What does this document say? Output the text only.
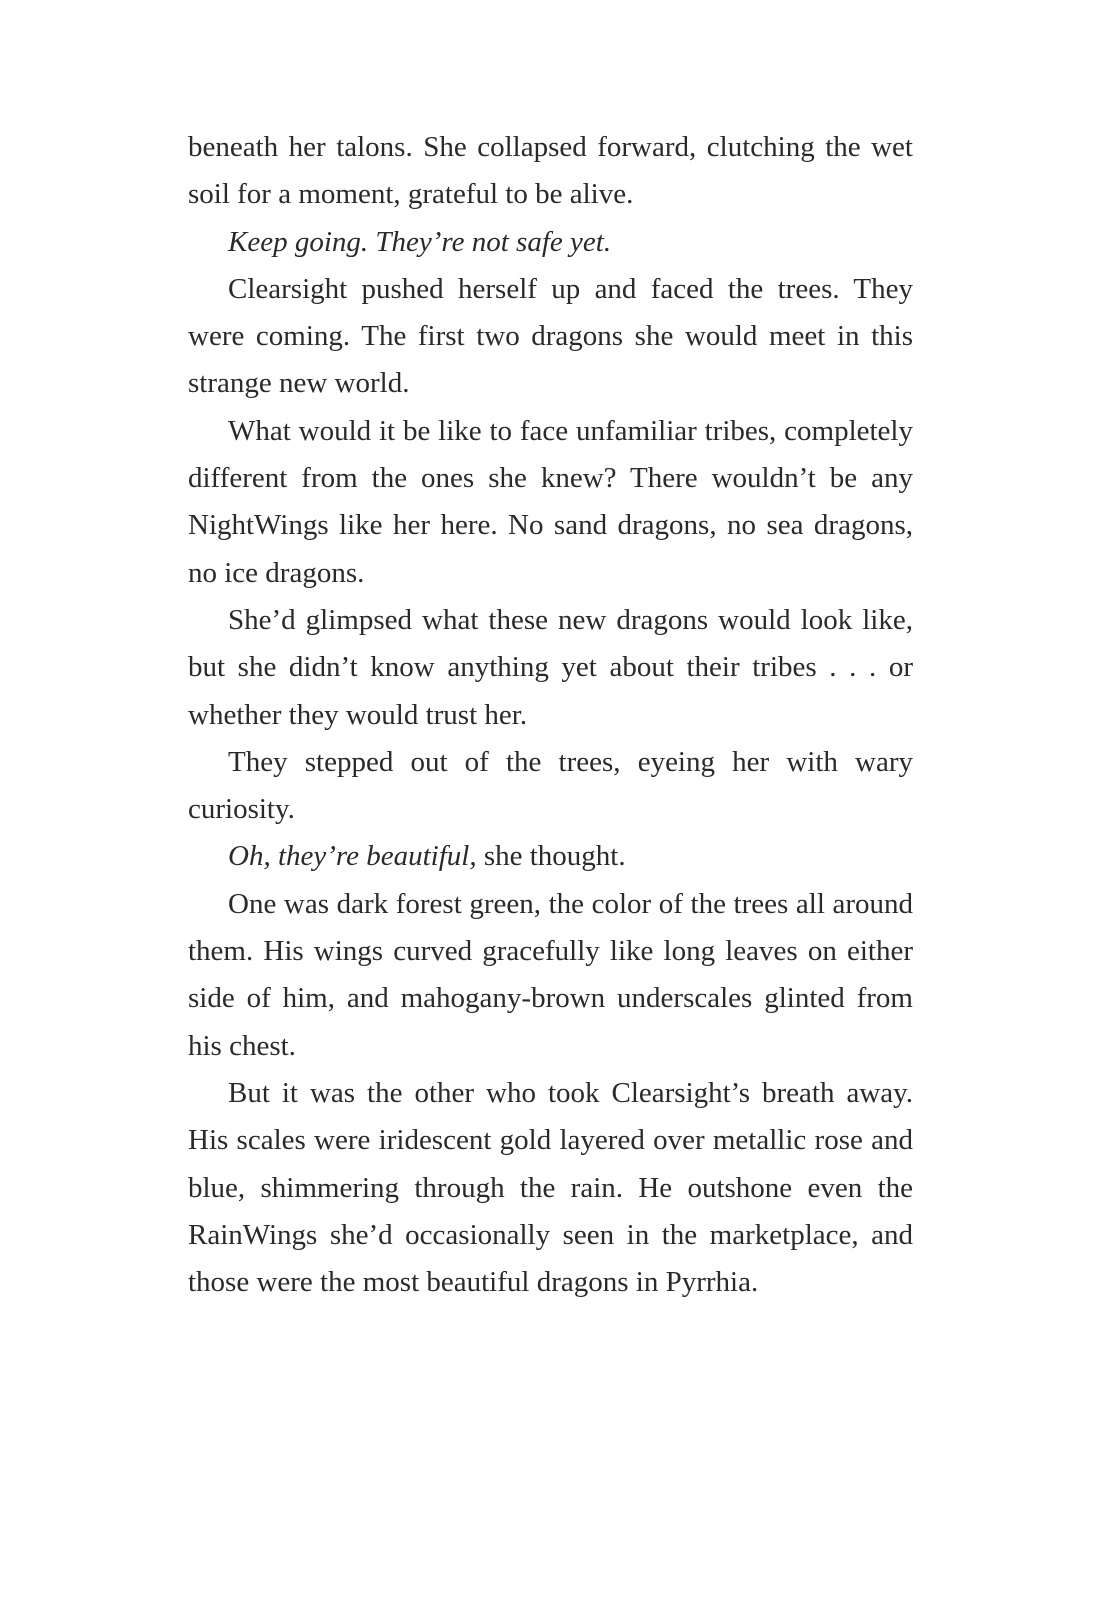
beneath her talons. She collapsed forward, clutching the wet soil for a moment, grateful to be alive.

Keep going. They’re not safe yet.

Clearsight pushed herself up and faced the trees. They were coming. The first two dragons she would meet in this strange new world.

What would it be like to face unfamiliar tribes, completely different from the ones she knew? There wouldn’t be any NightWings like her here. No sand dragons, no sea dragons, no ice dragons.

She’d glimpsed what these new dragons would look like, but she didn’t know anything yet about their tribes . . . or whether they would trust her.

They stepped out of the trees, eyeing her with wary curiosity.

Oh, they’re beautiful, she thought.

One was dark forest green, the color of the trees all around them. His wings curved gracefully like long leaves on either side of him, and mahogany-brown underscales glinted from his chest.

But it was the other who took Clearsight’s breath away. His scales were iridescent gold layered over metallic rose and blue, shimmering through the rain. He outshone even the RainWings she’d occasionally seen in the marketplace, and those were the most beautiful dragons in Pyrrhia.
